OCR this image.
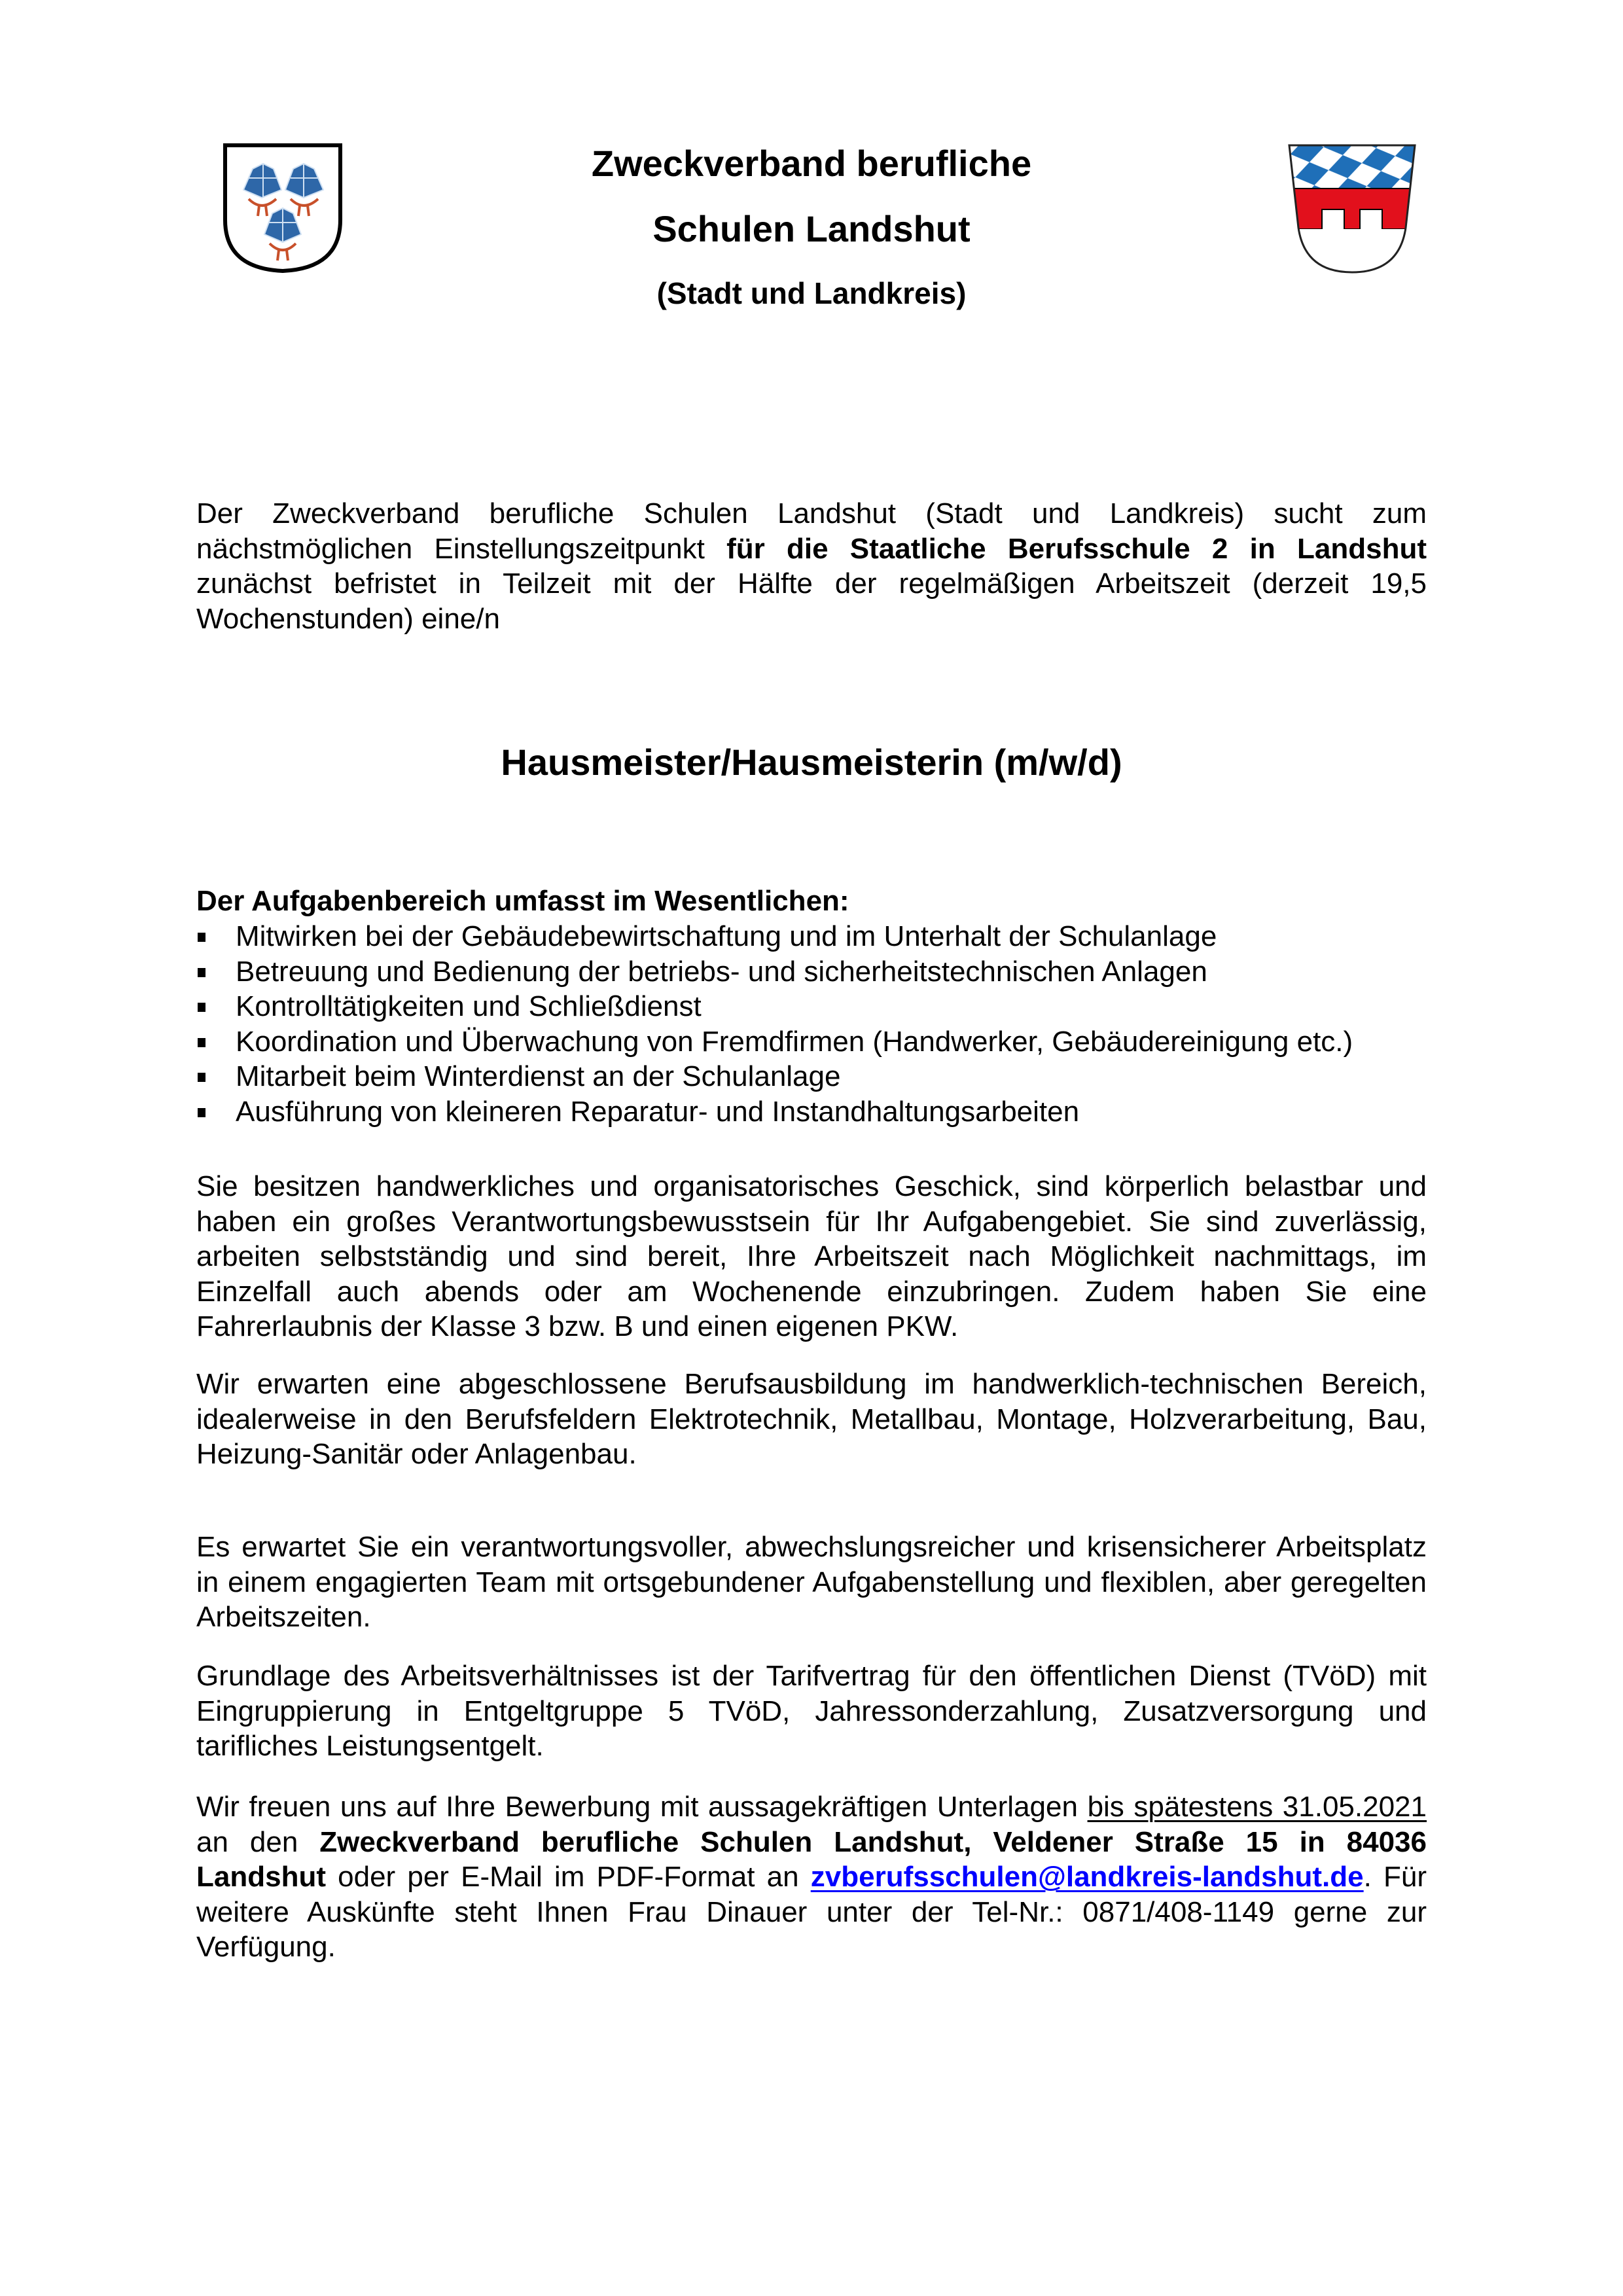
Zweckverband berufliche
Schulen Landshut
(Stadt und Landkreis)
Der Zweckverband berufliche Schulen Landshut (Stadt und Landkreis) sucht zum nächstmöglichen Einstellungszeitpunkt für die Staatliche Berufsschule 2 in Landshut zunächst befristet in Teilzeit mit der Hälfte der regelmäßigen Arbeitszeit (derzeit 19,5 Wochenstunden) eine/n
Hausmeister/Hausmeisterin (m/w/d)
Der Aufgabenbereich umfasst im Wesentlichen:
Mitwirken bei der Gebäudebewirtschaftung und im Unterhalt der Schulanlage
Betreuung und Bedienung der betriebs- und sicherheitstechnischen Anlagen
Kontrolltätigkeiten und Schließdienst
Koordination und Überwachung von Fremdfirmen (Handwerker, Gebäudereinigung etc.)
Mitarbeit beim Winterdienst an der Schulanlage
Ausführung von kleineren Reparatur- und Instandhaltungsarbeiten
Sie besitzen handwerkliches und organisatorisches Geschick, sind körperlich belastbar und haben ein großes Verantwortungsbewusstsein für Ihr Aufgabengebiet. Sie sind zuverlässig, arbeiten selbstständig und sind bereit, Ihre Arbeitszeit nach Möglichkeit nachmittags, im Einzelfall auch abends oder am Wochenende einzubringen. Zudem haben Sie eine Fahrerlaubnis der Klasse 3 bzw. B und einen eigenen PKW.
Wir erwarten eine abgeschlossene Berufsausbildung im handwerklich-technischen Bereich, idealerweise in den Berufsfeldern Elektrotechnik, Metallbau, Montage, Holzverarbeitung, Bau, Heizung-Sanitär oder Anlagenbau.
Es erwartet Sie ein verantwortungsvoller, abwechslungsreicher und krisensicherer Arbeitsplatz in einem engagierten Team mit ortsgebundener Aufgabenstellung und flexiblen, aber geregelten Arbeitszeiten.
Grundlage des Arbeitsverhältnisses ist der Tarifvertrag für den öffentlichen Dienst (TVöD) mit Eingruppierung in Entgeltgruppe 5 TVöD, Jahressonderzahlung, Zusatzversorgung und tarifliches Leistungsentgelt.
Wir freuen uns auf Ihre Bewerbung mit aussagekräftigen Unterlagen bis spätestens 31.05.2021 an den Zweckverband berufliche Schulen Landshut, Veldener Straße 15 in 84036 Landshut oder per E-Mail im PDF-Format an zvberufsschulen@landkreis-landshut.de. Für weitere Auskünfte steht Ihnen Frau Dinauer unter der Tel-Nr.: 0871/408-1149 gerne zur Verfügung.
